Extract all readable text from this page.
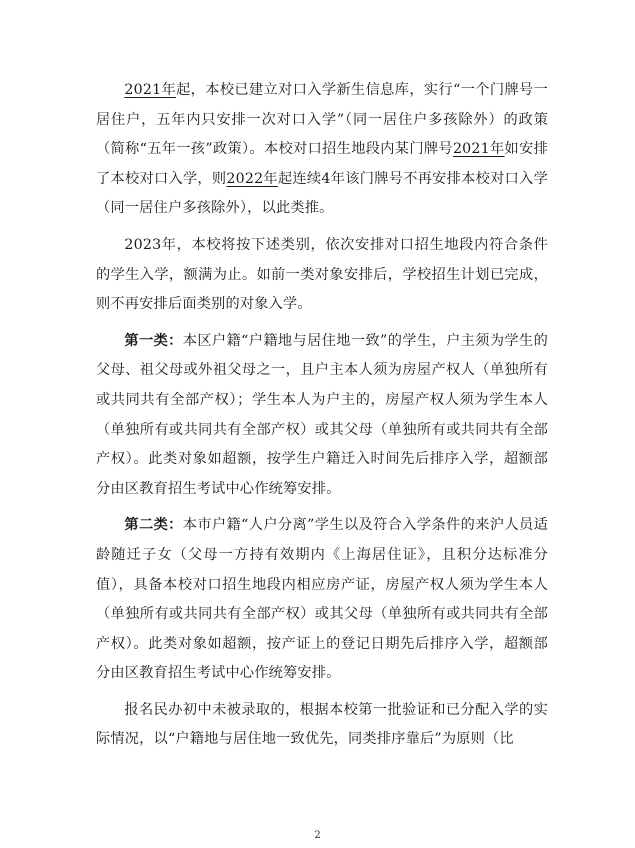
2021年起，本校已建立对口入学新生信息库，实行“一个门牌号一居住户，五年内只安排一次对口入学”（同一居住户多孩除外）的政策（简称“五年一孩”政策）。本校对口招生地段内某门牌号2021年如安排了本校对口入学，则2022年起连续4年该门牌号不再安排本校对口入学（同一居住户多孩除外），以此类推。

2023年，本校将按下述类别，依次安排对口招生地段内符合条件的学生入学，额满为止。如前一类对象安排后，学校招生计划已完成，则不再安排后面类别的对象入学。

第一类：本区户籍“户籍地与居住地一致”的学生，户主须为学生的父母、祖父母或外祖父母之一，且户主本人须为房屋产权人（单独所有或共同共有全部产权）；学生本人为户主的，房屋产权人须为学生本人（单独所有或共同共有全部产权）或其父母（单独所有或共同共有全部产权）。此类对象如超额，按学生户籍迁入时间先后排序入学，超额部分由区教育招生考试中心作统筹安排。

第二类：本市户籍“人户分离”学生以及符合入学条件的来沪人员适龄随迁子女（父母一方持有效期内《上海居住证》，且积分达标准分值），具备本校对口招生地段内相应房产证，房屋产权人须为学生本人（单独所有或共同共有全部产权）或其父母（单独所有或共同共有全部产权）。此类对象如超额，按产证上的登记日期先后排序入学，超额部分由区教育招生考试中心作统筹安排。

报名民办初中未被录取的，根据本校第一批验证和已分配入学的实际情况，以“户籍地与居住地一致优先，同类排序靠后”为原则（比

2
